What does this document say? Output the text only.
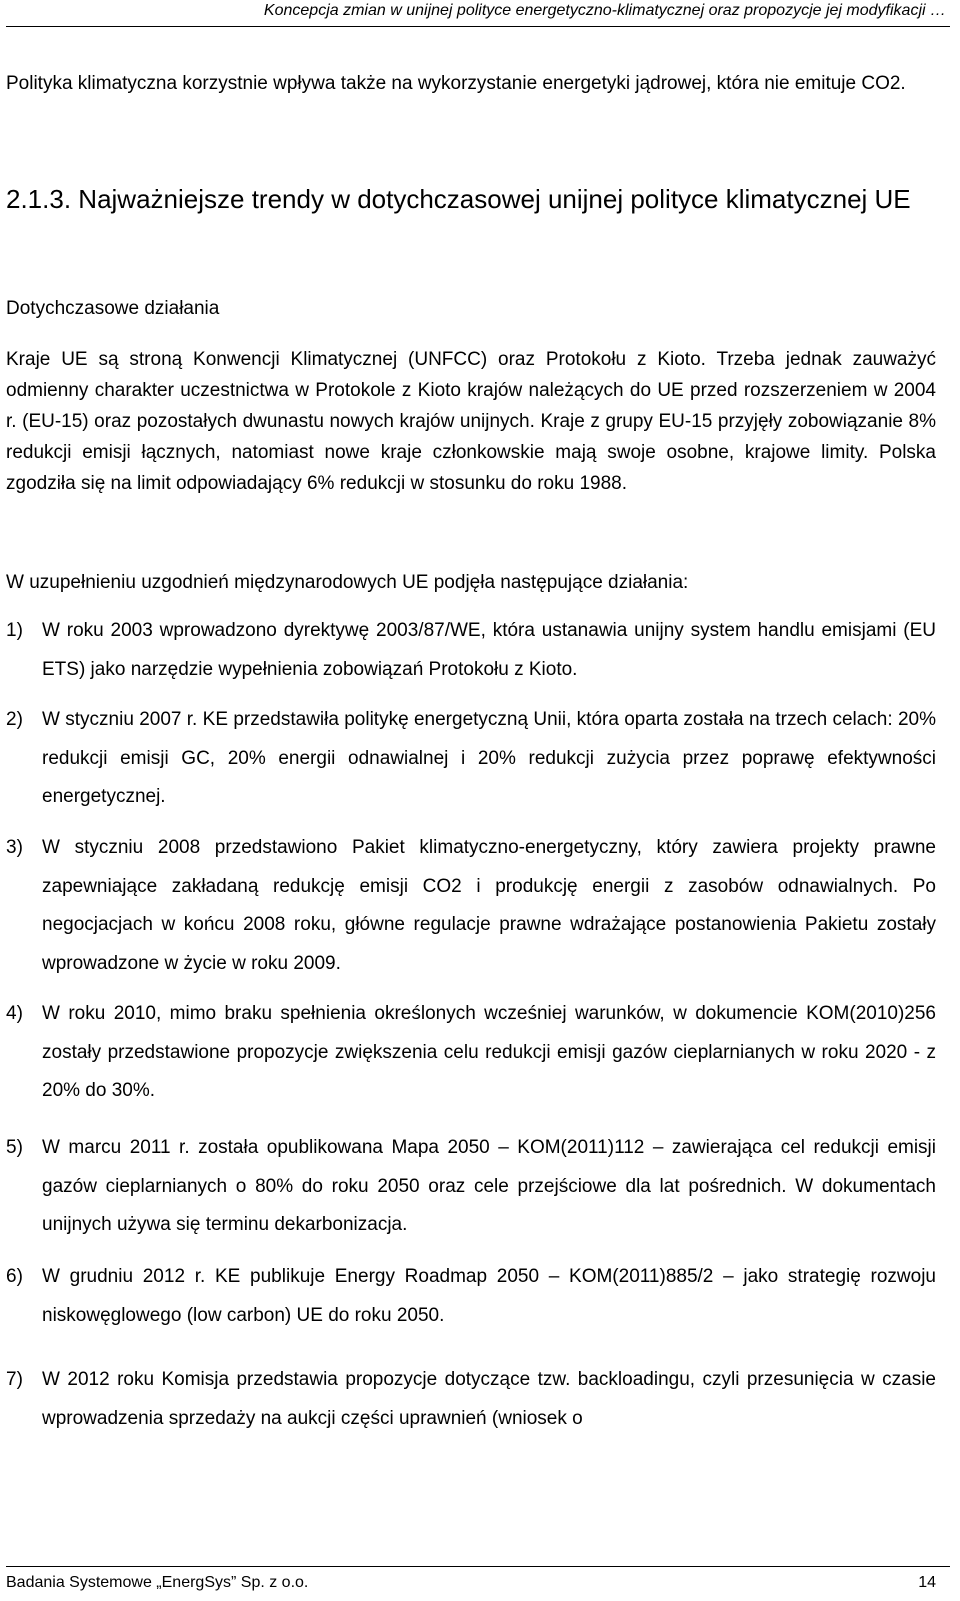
Koncepcja zmian w unijnej polityce energetyczno-klimatycznej oraz propozycje jej modyfikacji …

Polityka klimatyczna korzystnie wpływa także na wykorzystanie energetyki jądrowej, która nie emituje CO2.

2.1.3. Najważniejsze trendy w dotychczasowej unijnej polityce klimatycznej UE
Dotychczasowe działania

Kraje UE są stroną Konwencji Klimatycznej (UNFCC) oraz Protokołu z Kioto. Trzeba jednak zauważyć odmienny charakter uczestnictwa w Protokole z Kioto krajów należących do UE przed rozszerzeniem w 2004 r. (EU-15) oraz pozostałych dwunastu nowych krajów unijnych. Kraje z grupy EU-15 przyjęły zobowiązanie 8% redukcji emisji łącznych, natomiast nowe kraje członkowskie mają swoje osobne, krajowe limity. Polska zgodziła się na limit odpowiadający 6% redukcji w stosunku do roku 1988.

W uzupełnieniu uzgodnień międzynarodowych UE podjęła następujące działania:

1) W roku 2003 wprowadzono dyrektywę 2003/87/WE, która ustanawia unijny system handlu emisjami (EU ETS) jako narzędzie wypełnienia zobowiązań Protokołu z Kioto.
2) W styczniu 2007 r. KE przedstawiła politykę energetyczną Unii, która oparta została na trzech celach: 20% redukcji emisji GC, 20% energii odnawialnej i 20% redukcji zużycia przez poprawę efektywności energetycznej.
3) W styczniu 2008 przedstawiono Pakiet klimatyczno-energetyczny, który zawiera projekty prawne zapewniające zakładaną redukcję emisji CO2 i produkcję energii z zasobów odnawialnych. Po negocjacjach w końcu 2008 roku, główne regulacje prawne wdrażające postanowienia Pakietu zostały wprowadzone w życie w roku 2009.
4) W roku 2010, mimo braku spełnienia określonych wcześniej warunków, w dokumencie KOM(2010)256 zostały przedstawione propozycje zwiększenia celu redukcji emisji gazów cieplarnianych w roku 2020 - z 20% do 30%.
5) W marcu 2011 r. została opublikowana Mapa 2050 – KOM(2011)112 – zawierająca cel redukcji emisji gazów cieplarnianych o 80% do roku 2050 oraz cele przejściowe dla lat pośrednich. W dokumentach unijnych używa się terminu dekarbonizacja.
6) W grudniu 2012 r. KE publikuje Energy Roadmap 2050 – KOM(2011)885/2 – jako strategię rozwoju niskowęglowego (low carbon) UE do roku 2050.
7) W 2012 roku Komisja przedstawia propozycje dotyczące tzw. backloadingu, czyli przesunięcia w czasie wprowadzenia sprzedaży na aukcji części uprawnień (wniosek o
Badania Systemowe „EnergSys” Sp. z o.o.	14
